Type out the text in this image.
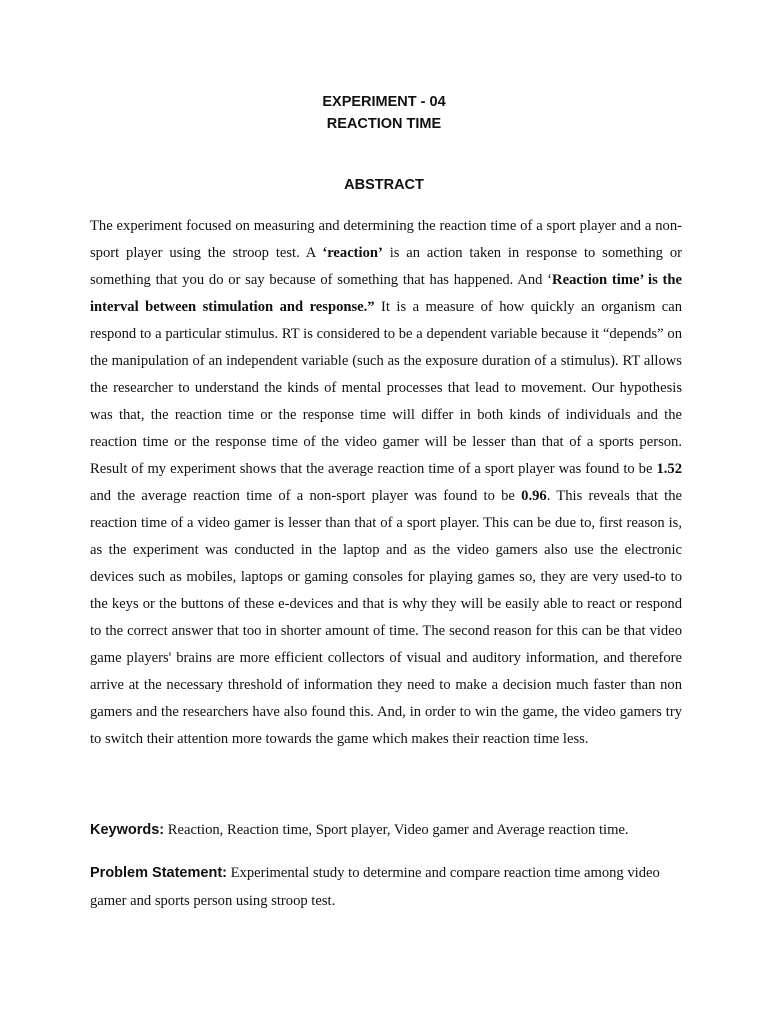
EXPERIMENT - 04
REACTION TIME
ABSTRACT

The experiment focused on measuring and determining the reaction time of a sport player and a non-sport player using the stroop test. A ‘reaction’ is an action taken in response to something or something that you do or say because of something that has happened. And ‘Reaction time’ is the interval between stimulation and response.” It is a measure of how quickly an organism can respond to a particular stimulus. RT is considered to be a dependent variable because it “depends” on the manipulation of an independent variable (such as the exposure duration of a stimulus). RT allows the researcher to understand the kinds of mental processes that lead to movement. Our hypothesis was that, the reaction time or the response time will differ in both kinds of individuals and the reaction time or the response time of the video gamer will be lesser than that of a sports person. Result of my experiment shows that the average reaction time of a sport player was found to be 1.52 and the average reaction time of a non-sport player was found to be 0.96. This reveals that the reaction time of a video gamer is lesser than that of a sport player. This can be due to, first reason is, as the experiment was conducted in the laptop and as the video gamers also use the electronic devices such as mobiles, laptops or gaming consoles for playing games so, they are very used-to to the keys or the buttons of these e-devices and that is why they will be easily able to react or respond to the correct answer that too in shorter amount of time. The second reason for this can be that video game players' brains are more efficient collectors of visual and auditory information, and therefore arrive at the necessary threshold of information they need to make a decision much faster than non gamers and the researchers have also found this. And, in order to win the game, the video gamers try to switch their attention more towards the game which makes their reaction time less.

Keywords: Reaction, Reaction time, Sport player, Video gamer and Average reaction time.

Problem Statement: Experimental study to determine and compare reaction time among video gamer and sports person using stroop test.
